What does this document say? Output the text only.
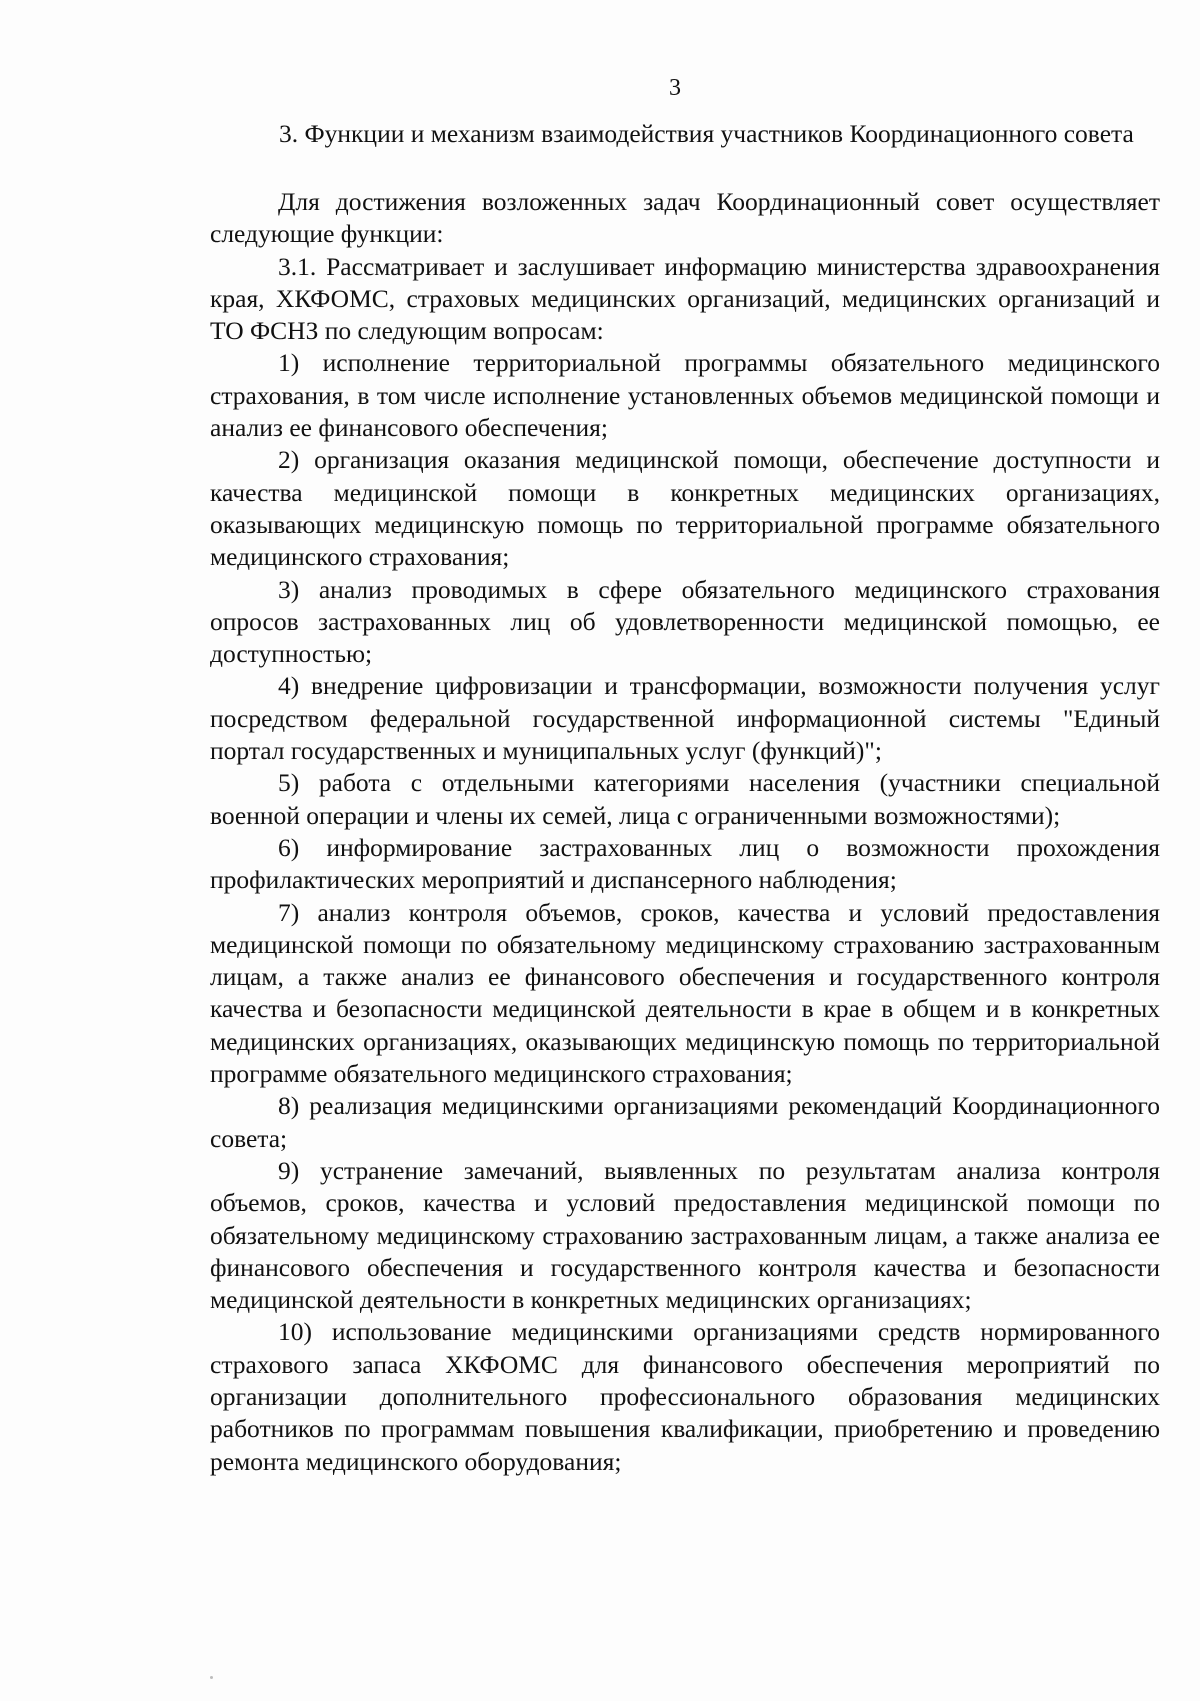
3
3. Функции и механизм взаимодействия участников Координационного совета

Для достижения возложенных задач Координационный совет осуществляет следующие функции:

3.1. Рассматривает и заслушивает информацию министерства здравоохранения края, ХКФОМС, страховых медицинских организаций, медицинских организаций и ТО ФСНЗ по следующим вопросам:

1) исполнение территориальной программы обязательного медицинского страхования, в том числе исполнение установленных объемов медицинской помощи и анализ ее финансового обеспечения;

2) организация оказания медицинской помощи, обеспечение доступности и качества медицинской помощи в конкретных медицинских организациях, оказывающих медицинскую помощь по территориальной программе обязательного медицинского страхования;

3) анализ проводимых в сфере обязательного медицинского страхования опросов застрахованных лиц об удовлетворенности медицинской помощью, ее доступностью;

4) внедрение цифровизации и трансформации, возможности получения услуг посредством федеральной государственной информационной системы "Единый портал государственных и муниципальных услуг (функций)";

5) работа с отдельными категориями населения (участники специальной военной операции и члены их семей, лица с ограниченными возможностями);

6) информирование застрахованных лиц о возможности прохождения профилактических мероприятий и диспансерного наблюдения;

7) анализ контроля объемов, сроков, качества и условий предоставления медицинской помощи по обязательному медицинскому страхованию застрахованным лицам, а также анализ ее финансового обеспечения и государственного контроля качества и безопасности медицинской деятельности в крае в общем и в конкретных медицинских организациях, оказывающих медицинскую помощь по территориальной программе обязательного медицинского страхования;

8) реализация медицинскими организациями рекомендаций Координационного совета;

9) устранение замечаний, выявленных по результатам анализа контроля объемов, сроков, качества и условий предоставления медицинской помощи по обязательному медицинскому страхованию застрахованным лицам, а также анализа ее финансового обеспечения и государственного контроля качества и безопасности медицинской деятельности в конкретных медицинских организациях;

10) использование медицинскими организациями средств нормированного страхового запаса ХКФОМС для финансового обеспечения мероприятий по организации дополнительного профессионального образования медицинских работников по программам повышения квалификации, приобретению и проведению ремонта медицинского оборудования;
